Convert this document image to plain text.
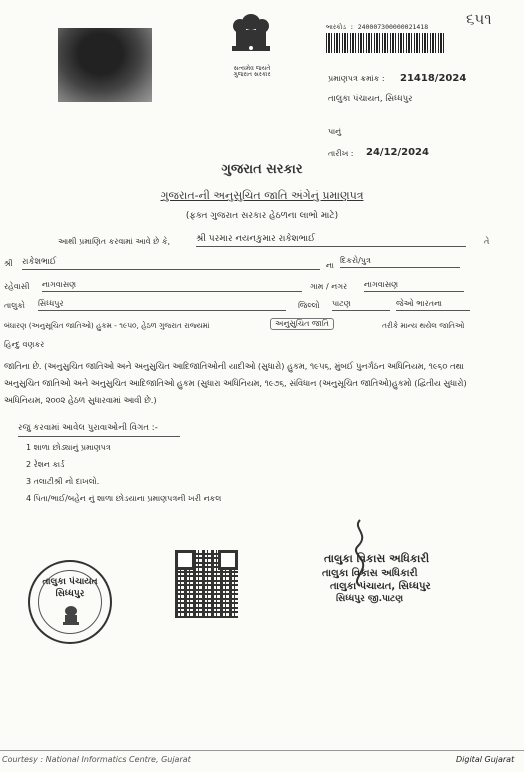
સત્યમેવ જયતે
ગુજરાત સરકાર
૬૫૧
બારકોડ : 240007300000021418
પ્રમાણપત્ર ક્રમાંક : 21418/2024
તાલુકા પંચાયત, સિધ્ધપુર
પાનું
તારીખ : 24/12/2024
ગુજરાત સરકાર
ગુજરાત-ની અનુસુચિત જાતિ અંગેનું પ્રમાણપત્ર
(ફક્ત ગુજરાત સરકાર હેઠળના લાભો માટે)
આથી પ્રમાણિત કરવામાં આવે છે કે,	શ્રી પરમાર નયનકુમાર રાકેશભાઈ	તે
શ્રી રાકેશભાઈ	ના
દિકરો/પુત્ર
રહેવાસી નાગવાસણ	ગામ / નગર નાગવાસણ
તાલુકો સિધ્ધપુર	જિલ્લો પાટણ	જેઓ ભારતના
બંધારણ (અનુસૂચિત જાતિઓ) હુકમ - ૧૯૫૦, હેઠળ ગુજરાત રાજ્યમાં	અનુસુચિત જાતિ	તરીકે માન્ય થયેલ જાતિઓ
હિન્દુ વણકર
જાતિના છે. (અનુસુચિત જાતિઓ અને અનુસુચિત આદિજાતિઓની યાદીઓ (સુધારો) હુકમ, ૧૯૫૬, મુંબઈ પુનર્ગઠન અધિનિયમ, ૧૯૬૦ તથા અનુસુચિત જાતિઓ અને અનુસુચિત આદિજાતિઓ હુકમ (સુધારા અધિનિયમ, ૧૯૭૬, સંવિધાન (અનુસૂચિત જાતિઓ)હુકમો (દ્વિતીય સુધારો) અધિનિયમ, ૨૦૦૨ હેઠળ સુધારવામાં આવી છે.)
રજુ કરવામાં આવેલ પુરાવાઓની વિગત :-
1 શાળા છોડ્યાનું પ્રમાણપત્ર
2 રેશન કાર્ડ
3 તલાટીશ્રી નો દાખલો.
4 પિતા/ભાઈ/બહેન નું શાળા છોડયાના પ્રમાણપત્રની ખરી નકલ
તાલુકા પંચાયત
સિધ્ધપુર
તાલુકા વિકાસ અધિકારી
તાલુકા વિકાસ અધિકારી
તાલુકા પંચાયત, સિધ્ધપુર
સિધ્ધપુર જી.પાટણ
Courtesy : National Informatics Centre, Gujarat	Digital Gujarat
